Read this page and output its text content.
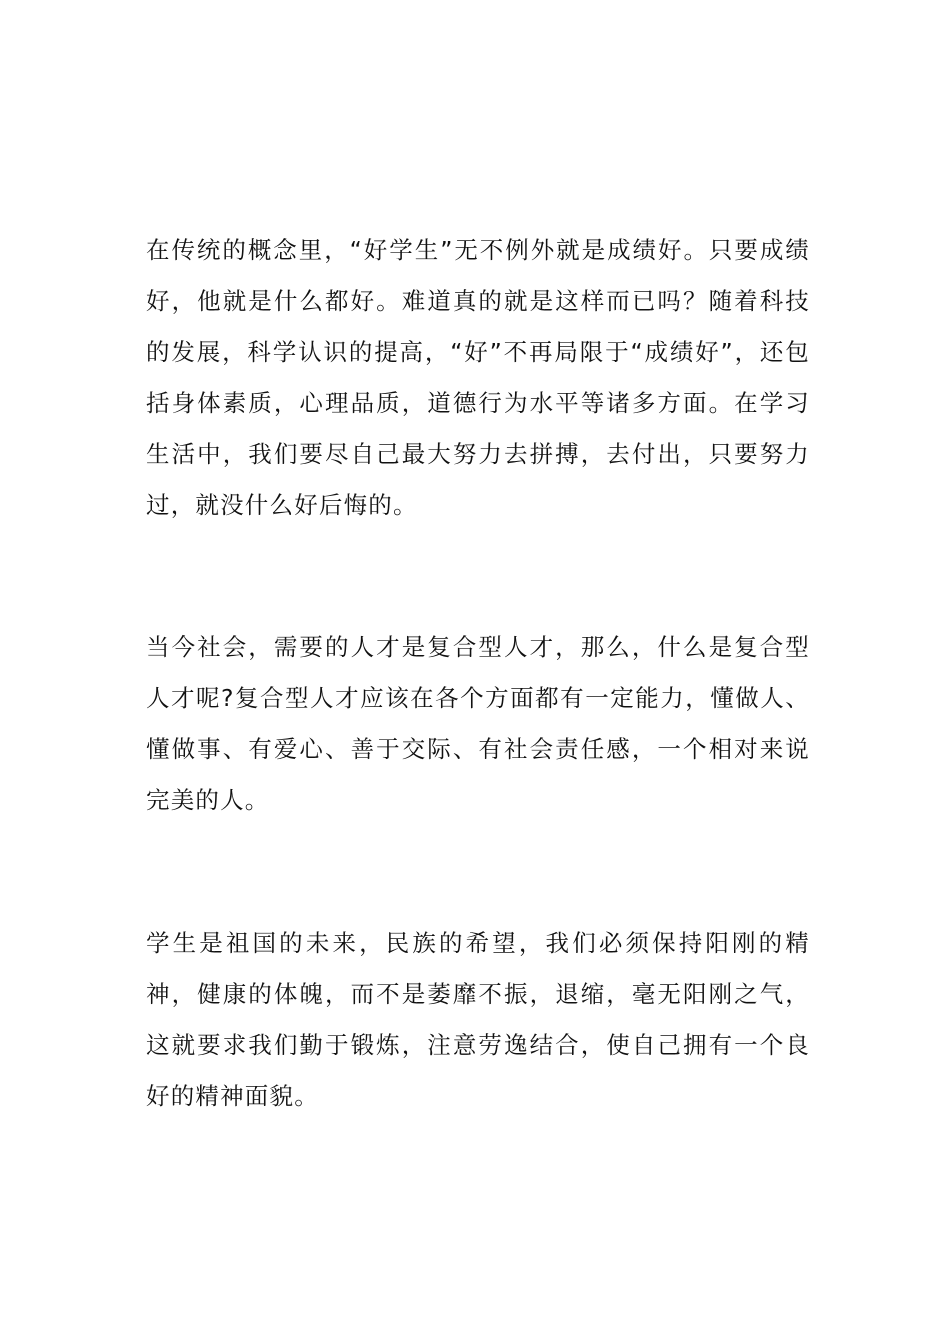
在传统的概念里，“好学生”无不例外就是成绩好。只要成绩好，他就是什么都好。难道真的就是这样而已吗？随着科技的发展，科学认识的提高，“好”不再局限于“成绩好”，还包括身体素质，心理品质，道德行为水平等诸多方面。在学习生活中，我们要尽自己最大努力去拼搏，去付出，只要努力过，就没什么好后悔的。

当今社会，需要的人才是复合型人才，那么，什么是复合型人才呢?复合型人才应该在各个方面都有一定能力，懂做人、懂做事、有爱心、善于交际、有社会责任感，一个相对来说完美的人。

学生是祖国的未来，民族的希望，我们必须保持阳刚的精神，健康的体魄，而不是萎靡不振，退缩，毫无阳刚之气，这就要求我们勤于锻炼，注意劳逸结合，使自己拥有一个良好的精神面貌。
